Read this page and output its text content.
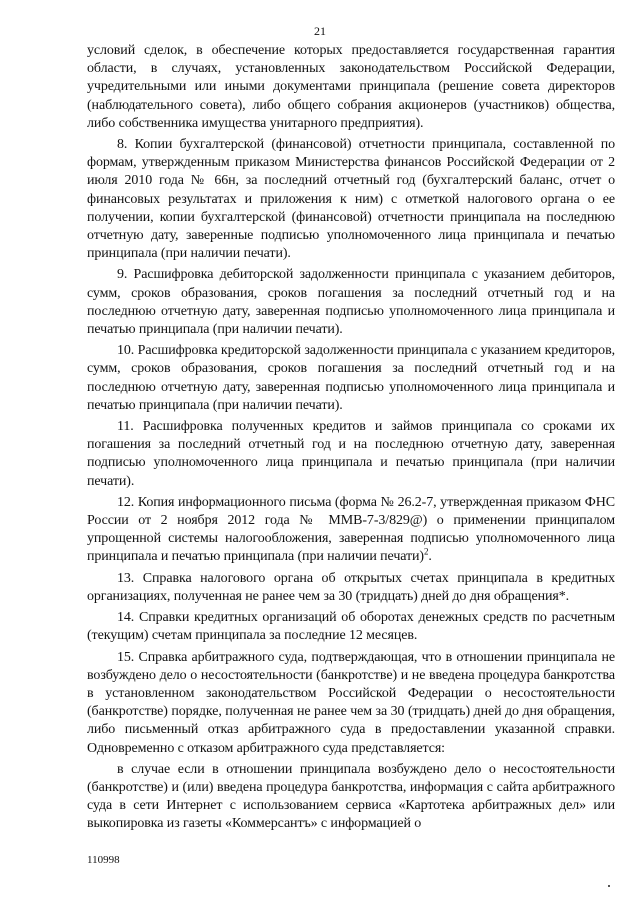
21

условий сделок, в обеспечение которых предоставляется государственная гарантия области, в случаях, установленных законодательством Российской Федерации, учредительными или иными документами принципала (решение совета директоров (наблюдательного совета), либо общего собрания акционеров (участников) общества, либо собственника имущества унитарного предприятия).

8. Копии бухгалтерской (финансовой) отчетности принципала, составленной по формам, утвержденным приказом Министерства финансов Российской Федерации от 2 июля 2010 года № 66н, за последний отчетный год (бухгалтерский баланс, отчет о финансовых результатах и приложения к ним) с отметкой налогового органа о ее получении, копии бухгалтерской (финансовой) отчетности принципала на последнюю отчетную дату, заверенные подписью уполномоченного лица принципала и печатью принципала (при наличии печати).

9. Расшифровка дебиторской задолженности принципала с указанием дебиторов, сумм, сроков образования, сроков погашения за последний отчетный год и на последнюю отчетную дату, заверенная подписью уполномоченного лица принципала и печатью принципала (при наличии печати).

10. Расшифровка кредиторской задолженности принципала с указанием кредиторов, сумм, сроков образования, сроков погашения за последний отчетный год и на последнюю отчетную дату, заверенная подписью уполномоченного лица принципала и печатью принципала (при наличии печати).

11. Расшифровка полученных кредитов и займов принципала со сроками их погашения за последний отчетный год и на последнюю отчетную дату, заверенная подписью уполномоченного лица принципала и печатью принципала (при наличии печати).

12. Копия информационного письма (форма № 26.2-7, утвержденная приказом ФНС России от 2 ноября 2012 года № ММВ-7-3/829@) о применении принципалом упрощенной системы налогообложения, заверенная подписью уполномоченного лица принципала и печатью принципала (при наличии печати)$^2$.

13. Справка налогового органа об открытых счетах принципала в кредитных организациях, полученная не ранее чем за 30 (тридцать) дней до дня обращения*.

14. Справки кредитных организаций об оборотах денежных средств по расчетным (текущим) счетам принципала за последние 12 месяцев.

15. Справка арбитражного суда, подтверждающая, что в отношении принципала не возбуждено дело о несостоятельности (банкротстве) и не введена процедура банкротства в установленном законодательством Российской Федерации о несостоятельности (банкротстве) порядке, полученная не ранее чем за 30 (тридцать) дней до дня обращения, либо письменный отказ арбитражного суда в предоставлении указанной справки. Одновременно с отказом арбитражного суда представляется:

в случае если в отношении принципала возбуждено дело о несостоятельности (банкротстве) и (или) введена процедура банкротства, информация с сайта арбитражного суда в сети Интернет с использованием сервиса «Картотека арбитражных дел» или выкопировка из газеты «Коммерсантъ» с информацией о

110998
